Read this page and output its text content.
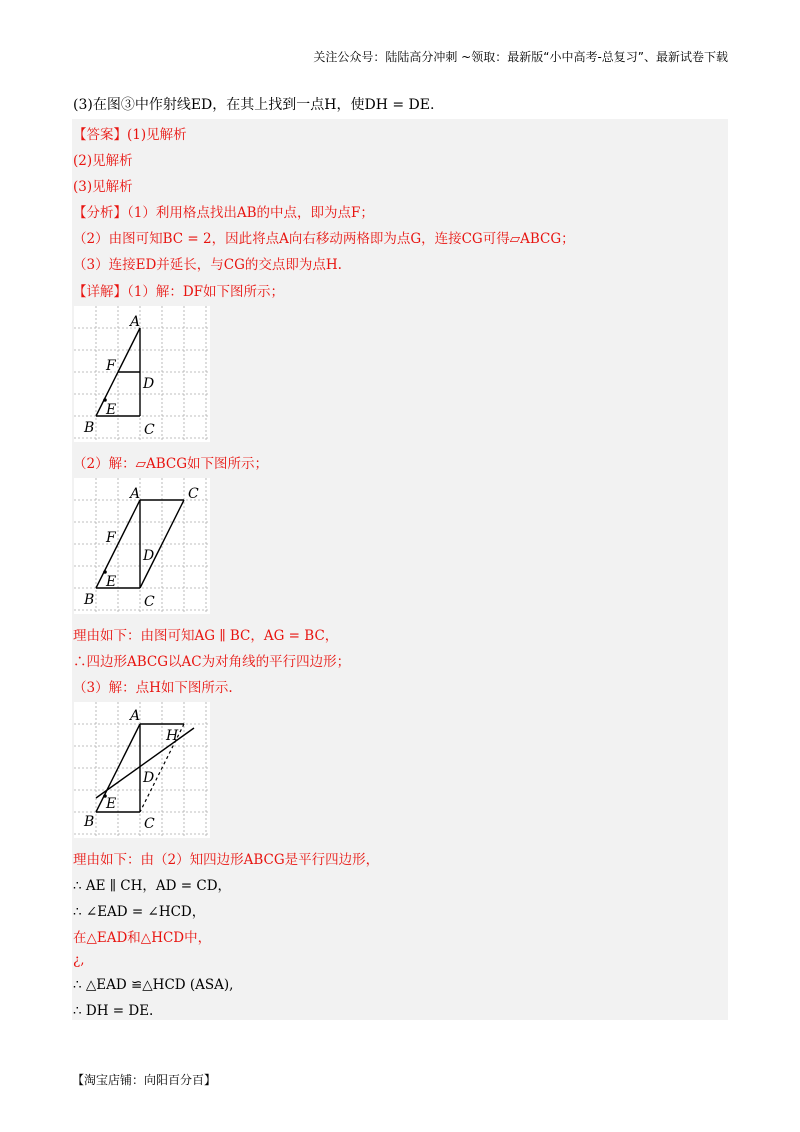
关注公众号：陆陆高分冲刺 ~领取：最新版“小中高考-总复习”、最新试卷下载
(3)在图③中作射线ED，在其上找到一点H，使DH = DE.
【答案】(1)见解析
(2)见解析
(3)见解析
【分析】（1）利用格点找出AB的中点，即为点F；
（2）由图可知BC = 2，因此将点A向右移动两格即为点G，连接CG可得▱ABCG；
（3）连接ED并延长，与CG的交点即为点H.
【详解】（1）解：DF如下图所示；
A
F
D
E
B	C
（2）解：▱ABCG如下图所示；
A	C
F
D
E
B	C
理由如下：由图可知AG ∥ BC，AG = BC，
∴四边形ABCG以AC为对角线的平行四边形；
（3）解：点H如下图所示.
A
H
D
E
B	C
理由如下：由（2）知四边形ABCG是平行四边形，
∴ AE ∥ CH，AD = CD，
∴ ∠EAD = ∠HCD，
在△EAD和△HCD中，
¿,
∴ △EAD ≌△HCD (ASA),
∴ DH = DE.
【淘宝店铺：向阳百分百】
